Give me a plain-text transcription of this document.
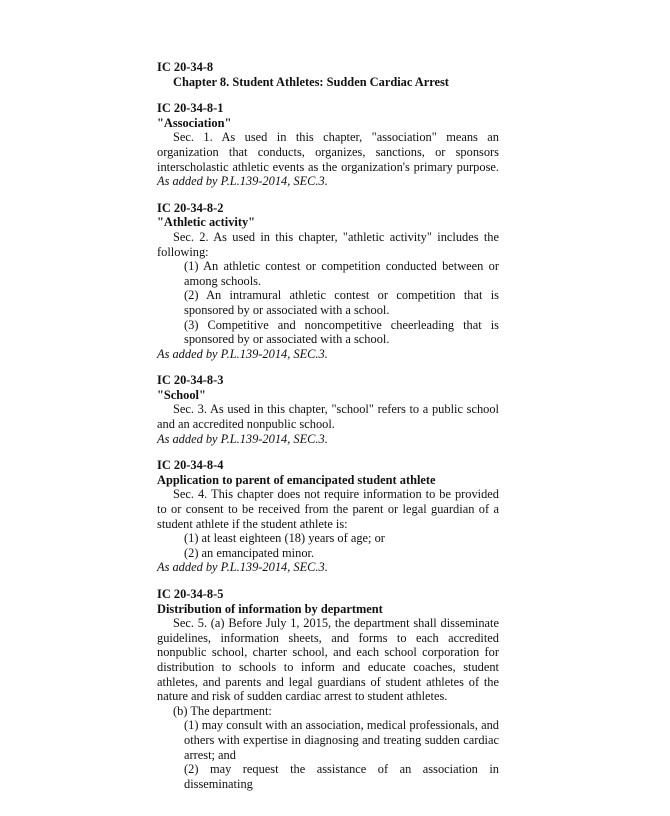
IC 20-34-8
Chapter 8. Student Athletes: Sudden Cardiac Arrest
IC 20-34-8-1
"Association"
Sec. 1. As used in this chapter, "association" means an
organization that conducts, organizes, sanctions, or sponsors
interscholastic athletic events as the organization's primary purpose.
As added by P.L.139-2014, SEC.3.
IC 20-34-8-2
"Athletic activity"
Sec. 2. As used in this chapter, "athletic activity" includes the
following:
(1) An athletic contest or competition conducted between or
among schools.
(2) An intramural athletic contest or competition that is
sponsored by or associated with a school.
(3) Competitive and noncompetitive cheerleading that is
sponsored by or associated with a school.
As added by P.L.139-2014, SEC.3.
IC 20-34-8-3
"School"
Sec. 3. As used in this chapter, "school" refers to a public school
and an accredited nonpublic school.
As added by P.L.139-2014, SEC.3.
IC 20-34-8-4
Application to parent of emancipated student athlete
Sec. 4. This chapter does not require information to be provided
to or consent to be received from the parent or legal guardian of a
student athlete if the student athlete is:
(1) at least eighteen (18) years of age; or
(2) an emancipated minor.
As added by P.L.139-2014, SEC.3.
IC 20-34-8-5
Distribution of information by department
Sec. 5. (a) Before July 1, 2015, the department shall disseminate
guidelines, information sheets, and forms to each accredited
nonpublic school, charter school, and each school corporation for
distribution to schools to inform and educate coaches, student
athletes, and parents and legal guardians of student athletes of the
nature and risk of sudden cardiac arrest to student athletes.
(b) The department:
(1) may consult with an association, medical professionals, and
others with expertise in diagnosing and treating sudden cardiac
arrest; and
(2) may request the assistance of an association in disseminating
